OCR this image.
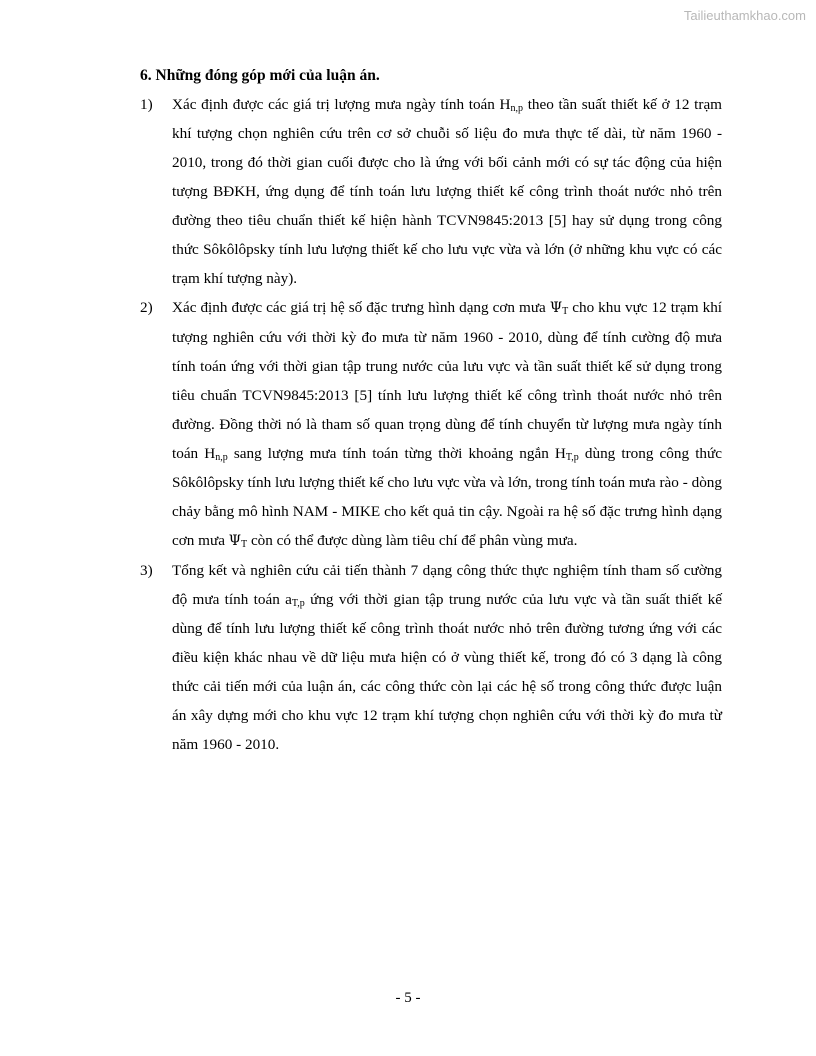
Tailieuthamkhao.com

6. Những đóng góp mới của luận án.

1)	Xác định được các giá trị lượng mưa ngày tính toán $H_{n,p}$ theo tần suất thiết kế ở 12 trạm khí tượng chọn nghiên cứu trên cơ sở chuỗi số liệu đo mưa thực tế dài, từ năm 1960 - 2010, trong đó thời gian cuối được cho là ứng với bối cảnh mới có sự tác động của hiện tượng BĐKH, ứng dụng để tính toán lưu lượng thiết kế công trình thoát nước nhỏ trên đường theo tiêu chuẩn thiết kế hiện hành TCVN9845:2013 [5] hay sử dụng trong công thức Sôkôlôpsky tính lưu lượng thiết kế cho lưu vực vừa và lớn (ở những khu vực có các trạm khí tượng này).
2)	Xác định được các giá trị hệ số đặc trưng hình dạng cơn mưa $\Psi_T$ cho khu vực 12 trạm khí tượng nghiên cứu với thời kỳ đo mưa từ năm 1960 - 2010, dùng để tính cường độ mưa tính toán ứng với thời gian tập trung nước của lưu vực và tần suất thiết kế sử dụng trong tiêu chuẩn TCVN9845:2013 [5] tính lưu lượng thiết kế công trình thoát nước nhỏ trên đường. Đồng thời nó là tham số quan trọng dùng để tính chuyển từ lượng mưa ngày tính toán $H_{n,p}$ sang lượng mưa tính toán từng thời khoảng ngắn $H_{T,p}$ dùng trong công thức Sôkôlôpsky tính lưu lượng thiết kế cho lưu vực vừa và lớn, trong tính toán mưa rào - dòng chảy bằng mô hình NAM - MIKE cho kết quả tin cậy. Ngoài ra hệ số đặc trưng hình dạng cơn mưa $\Psi_T$ còn có thể được dùng làm tiêu chí để phân vùng mưa.
3)	Tổng kết và nghiên cứu cải tiến thành 7 dạng công thức thực nghiệm tính tham số cường độ mưa tính toán $a_{T,p}$ ứng với thời gian tập trung nước của lưu vực và tần suất thiết kế dùng để tính lưu lượng thiết kế công trình thoát nước nhỏ trên đường tương ứng với các điều kiện khác nhau về dữ liệu mưa hiện có ở vùng thiết kế, trong đó có 3 dạng là công thức cải tiến mới của luận án, các công thức còn lại các hệ số trong công thức được luận án xây dựng mới cho khu vực 12 trạm khí tượng chọn nghiên cứu với thời kỳ đo mưa từ năm 1960 - 2010.
- 5 -
